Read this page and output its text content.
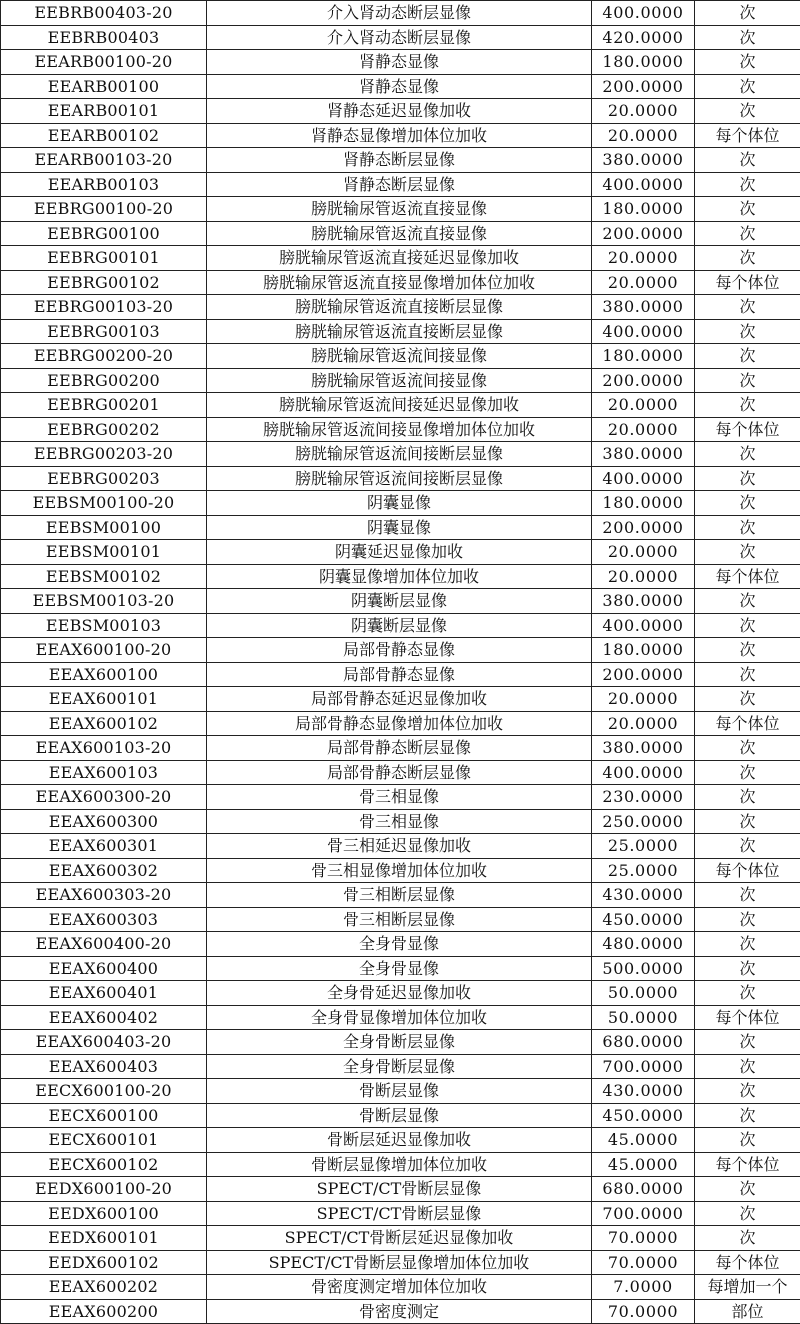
EEBRB00403-20	介入肾动态断层显像	400.0000	次
EEBRB00403	介入肾动态断层显像	420.0000	次
EEARB00100-20	肾静态显像	180.0000	次
EEARB00100	肾静态显像	200.0000	次
EEARB00101	肾静态延迟显像加收	20.0000	次
EEARB00102	肾静态显像增加体位加收	20.0000	每个体位
EEARB00103-20	肾静态断层显像	380.0000	次
EEARB00103	肾静态断层显像	400.0000	次
EEBRG00100-20	膀胱输尿管返流直接显像	180.0000	次
EEBRG00100	膀胱输尿管返流直接显像	200.0000	次
EEBRG00101	膀胱输尿管返流直接延迟显像加收	20.0000	次
EEBRG00102	膀胱输尿管返流直接显像增加体位加收	20.0000	每个体位
EEBRG00103-20	膀胱输尿管返流直接断层显像	380.0000	次
EEBRG00103	膀胱输尿管返流直接断层显像	400.0000	次
EEBRG00200-20	膀胱输尿管返流间接显像	180.0000	次
EEBRG00200	膀胱输尿管返流间接显像	200.0000	次
EEBRG00201	膀胱输尿管返流间接延迟显像加收	20.0000	次
EEBRG00202	膀胱输尿管返流间接显像增加体位加收	20.0000	每个体位
EEBRG00203-20	膀胱输尿管返流间接断层显像	380.0000	次
EEBRG00203	膀胱输尿管返流间接断层显像	400.0000	次
EEBSM00100-20	阴囊显像	180.0000	次
EEBSM00100	阴囊显像	200.0000	次
EEBSM00101	阴囊延迟显像加收	20.0000	次
EEBSM00102	阴囊显像增加体位加收	20.0000	每个体位
EEBSM00103-20	阴囊断层显像	380.0000	次
EEBSM00103	阴囊断层显像	400.0000	次
EEAX600100-20	局部骨静态显像	180.0000	次
EEAX600100	局部骨静态显像	200.0000	次
EEAX600101	局部骨静态延迟显像加收	20.0000	次
EEAX600102	局部骨静态显像增加体位加收	20.0000	每个体位
EEAX600103-20	局部骨静态断层显像	380.0000	次
EEAX600103	局部骨静态断层显像	400.0000	次
EEAX600300-20	骨三相显像	230.0000	次
EEAX600300	骨三相显像	250.0000	次
EEAX600301	骨三相延迟显像加收	25.0000	次
EEAX600302	骨三相显像增加体位加收	25.0000	每个体位
EEAX600303-20	骨三相断层显像	430.0000	次
EEAX600303	骨三相断层显像	450.0000	次
EEAX600400-20	全身骨显像	480.0000	次
EEAX600400	全身骨显像	500.0000	次
EEAX600401	全身骨延迟显像加收	50.0000	次
EEAX600402	全身骨显像增加体位加收	50.0000	每个体位
EEAX600403-20	全身骨断层显像	680.0000	次
EEAX600403	全身骨断层显像	700.0000	次
EECX600100-20	骨断层显像	430.0000	次
EECX600100	骨断层显像	450.0000	次
EECX600101	骨断层延迟显像加收	45.0000	次
EECX600102	骨断层显像增加体位加收	45.0000	每个体位
EEDX600100-20	SPECT/CT骨断层显像	680.0000	次
EEDX600100	SPECT/CT骨断层显像	700.0000	次
EEDX600101	SPECT/CT骨断层延迟显像加收	70.0000	次
EEDX600102	SPECT/CT骨断层显像增加体位加收	70.0000	每个体位
EEAX600202	骨密度测定增加体位加收	7.0000	每增加一个
EEAX600200	骨密度测定	70.0000	部位
